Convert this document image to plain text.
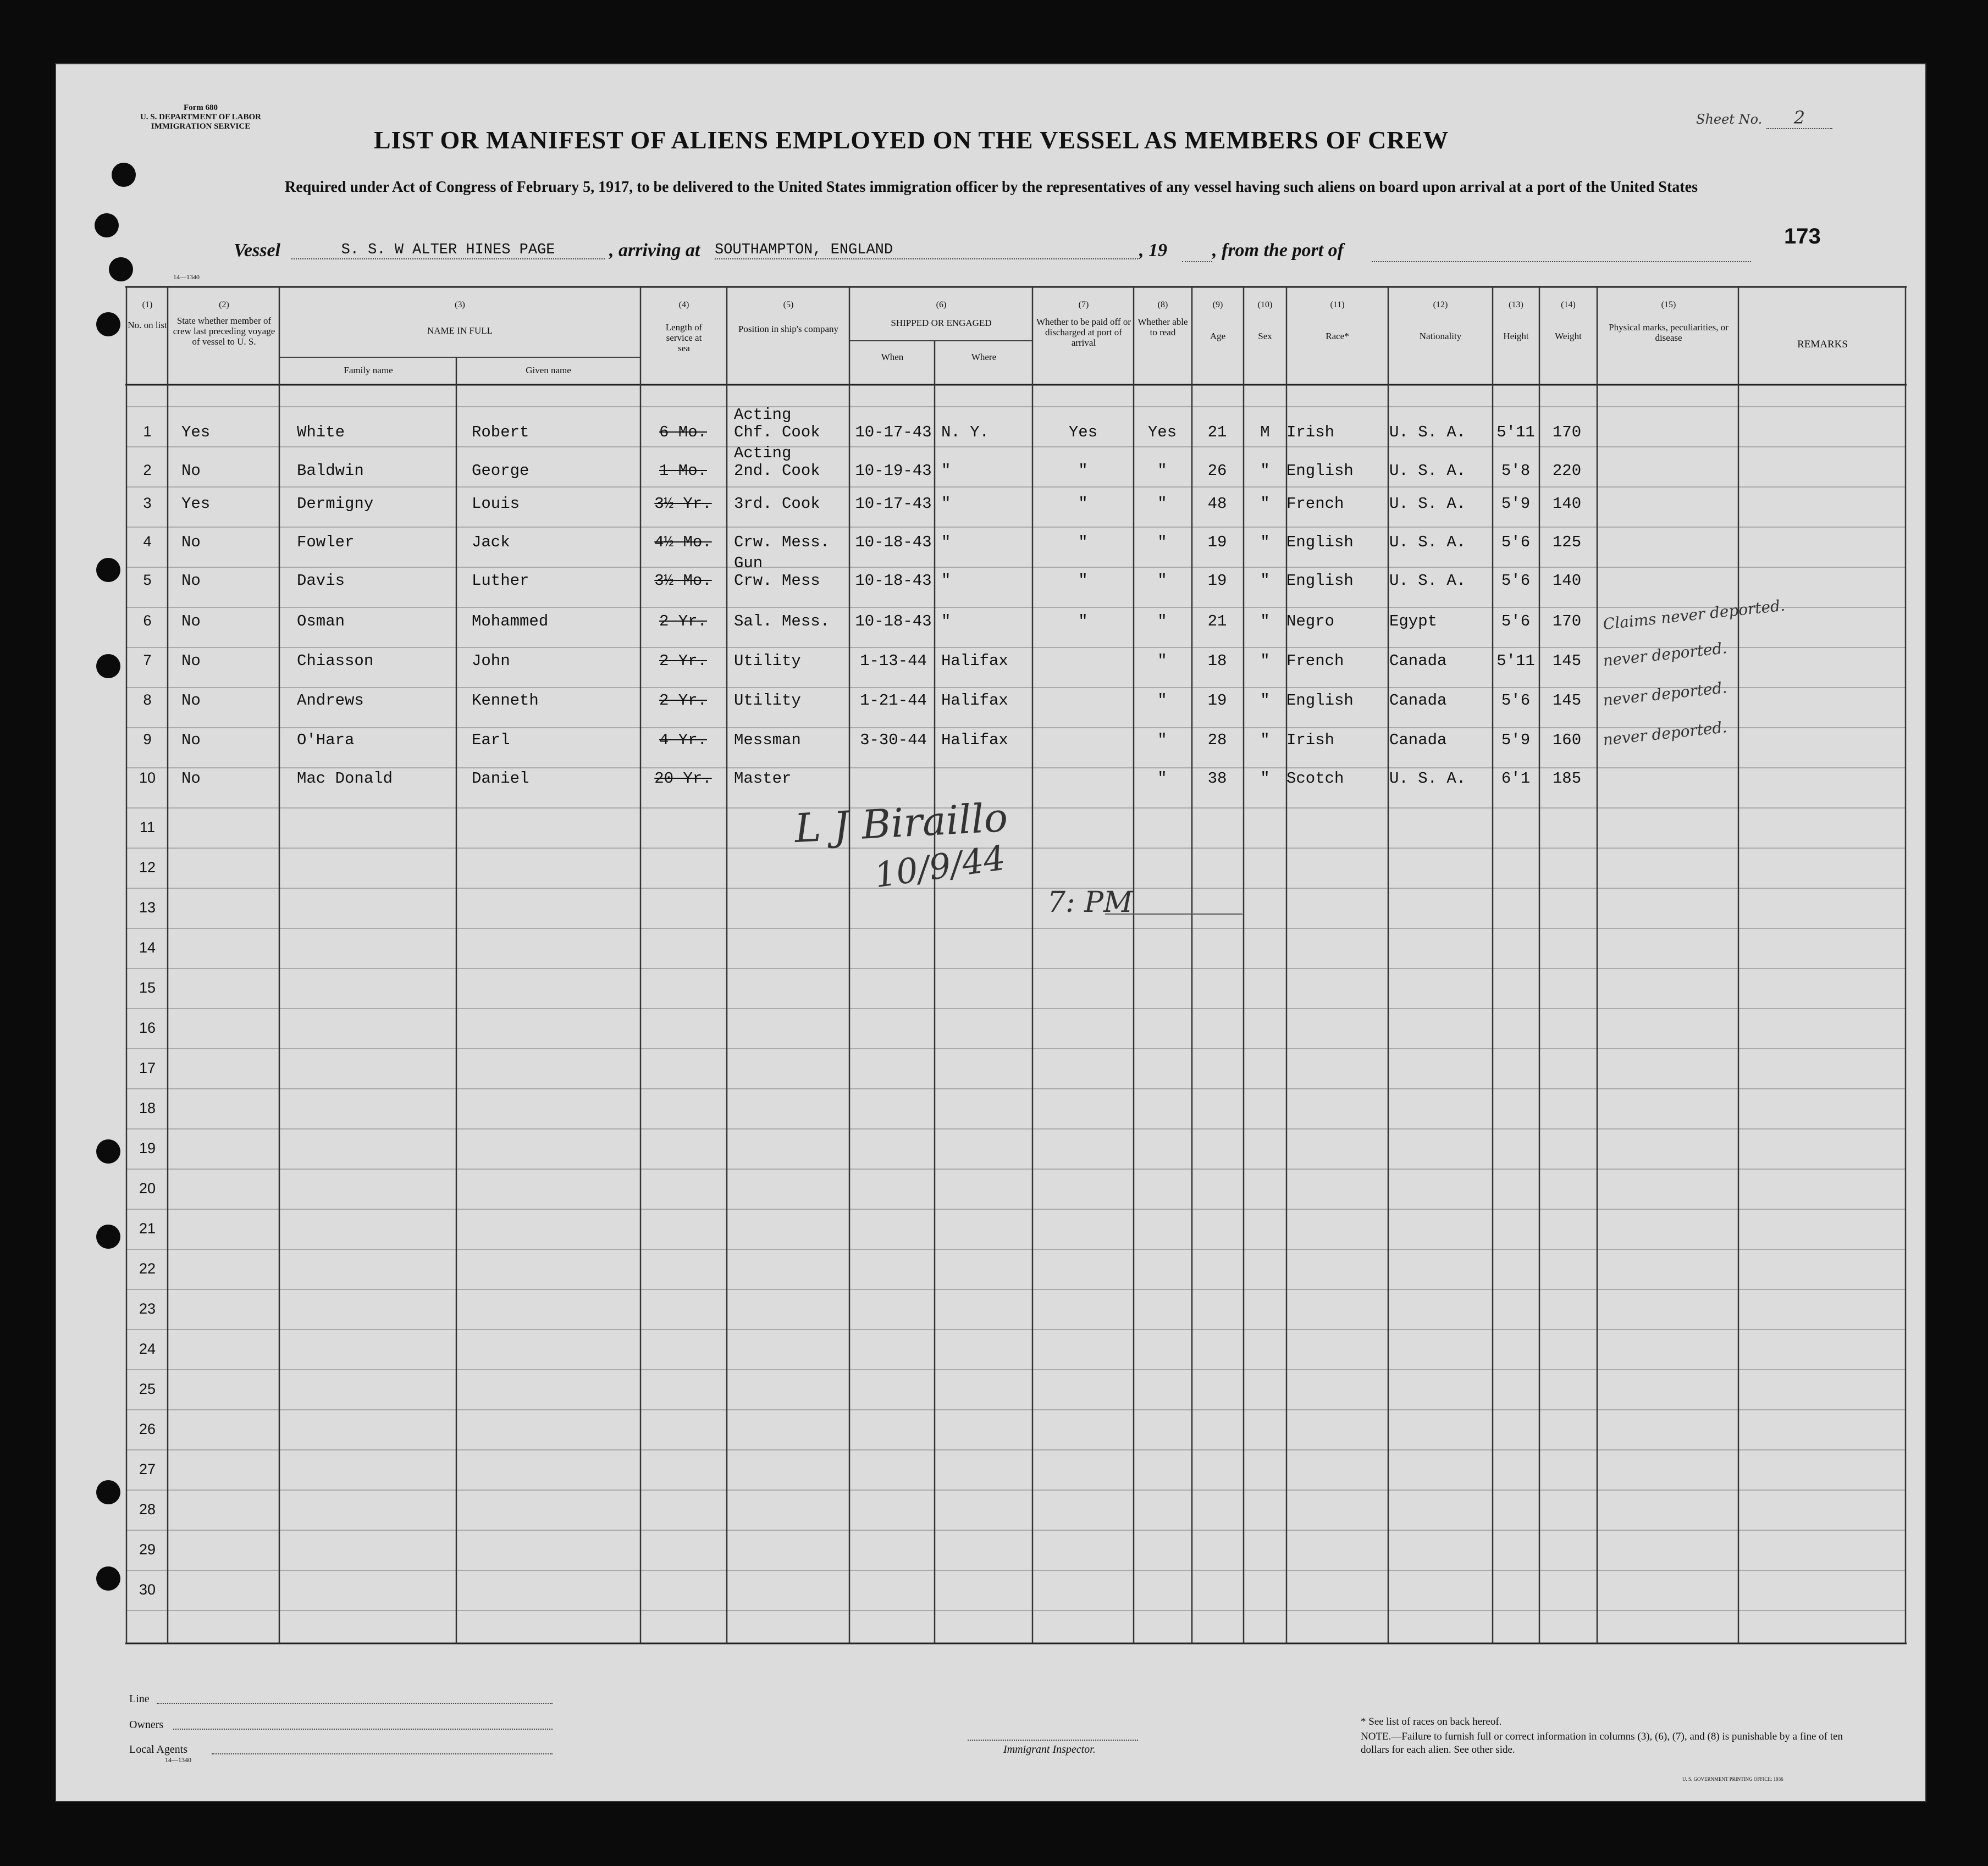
Form 680
U. S. DEPARTMENT OF LABOR
IMMIGRATION SERVICE
14—1340
Sheet No. 2
LIST OR MANIFEST OF ALIENS EMPLOYED ON THE VESSEL AS MEMBERS OF CREW
Required under Act of Congress of February 5, 1917, to be delivered to the United States immigration officer by the representatives of any vessel having such aliens on board upon arrival at a port of the United States
Vessel	S. S. W ALTER HINES PAGE	, arriving at SOUTHAMPTON, ENGLAND	, 19 , from the port of
173
(1)
No. on list
(2)
State whether member of crew last preceding voyage of vessel to U. S.
(3)
NAME IN FULL
Family name	Given name
(4)
Length of service at sea
(5)
Position in ship's company
(6)
SHIPPED OR ENGAGED
When	Where
(7)
Whether to be paid off or discharged at port of arrival
(8)
Whether able to read
(9)
Age
(10)
Sex
(11)
Race*
(12)
Nationality
(13)
Height
(14)
Weight
(15)
Physical marks, peculiarities, or disease
REMARKS
1	Yes	White	Robert	6 Mo.	10-17-43 N. Y.	Yes	Yes	21	M	Irish	U. S. A.	5'11	170
Acting
Chf. Cook
2	No	Baldwin	George	1 Mo.	10-19-43 "	"	"	26	"	English	U. S. A.	5'8	220
Acting
2nd. Cook
3	Yes	Dermigny	Louis	3½ Yr.	10-17-43 "	"	"	48	"	French	U. S. A.	5'9	140
3rd. Cook
4	No	Fowler	Jack	4½ Mo.	10-18-43 "	"	"	19	"	English	U. S. A.	5'6	125
Crw. Mess.
5	No	Davis	Luther	3½ Mo.	10-18-43 "	"	"	19	"	English	U. S. A.	5'6	140
Gun
Crw. Mess
6	No	Osman	Mohammed	2 Yr.	10-18-43 "	"	"	21	"	Negro	Egypt	5'6	170
Sal. Mess.	Claims never deported.
7	No	Chiasson	John	2 Yr.	1-13-44 Halifax	"	18	"	French	Canada	5'11	145
Utility	never deported.
8	No	Andrews	Kenneth	2 Yr.	1-21-44 Halifax	"	19	"	English	Canada	5'6	145
Utility	never deported.
9	No	O'Hara	Earl	4 Yr.	3-30-44 Halifax	"	28	"	Irish	Canada	5'9	160
Messman	never deported.
10	No	Mac Donald	Daniel	20 Yr.	"	38	"	Scotch	U. S. A.	6'1	185
Master
11
12
13
14
15
16
17
18
19
20
21
22
23
24
25
26
27
28
29
30
L J Biraillo
10/9/44
7: PM
Line
Owners
Local Agents
14—1340
Immigrant Inspector.
* See list of races on back hereof.
NOTE.—Failure to furnish full or correct information in columns (3), (6), (7), and (8) is punishable by a fine of ten dollars for each alien. See other side.
U. S. GOVERNMENT PRINTING OFFICE: 1936
